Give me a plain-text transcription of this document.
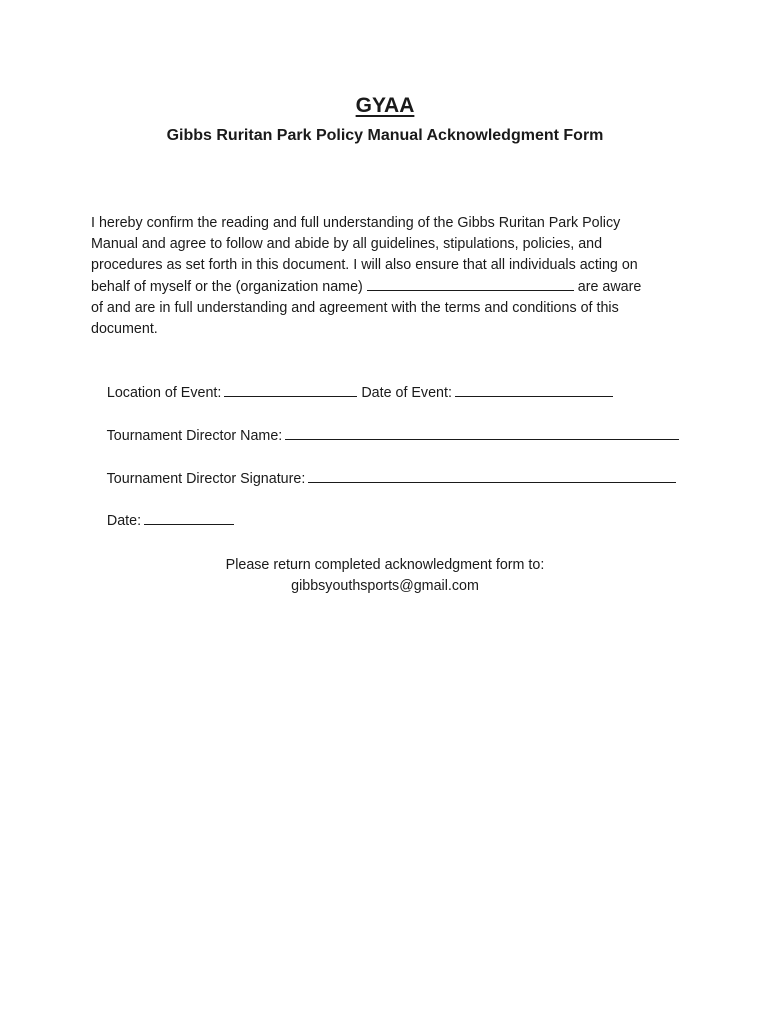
GYAA
Gibbs Ruritan Park Policy Manual Acknowledgment Form
I hereby confirm the reading and full understanding of the Gibbs Ruritan Park Policy
Manual and agree to follow and abide by all guidelines, stipulations, policies, and
procedures as set forth in this document. I will also ensure that all individuals acting on
behalf of myself or the (organization name)	are aware
of and are in full understanding and agreement with the terms and conditions of this
document.

Location of Event:	Date of Event:

Tournament Director Name:

Tournament Director Signature:

Date:

Please return completed acknowledgment form to:
gibbsyouthsports@gmail.com
